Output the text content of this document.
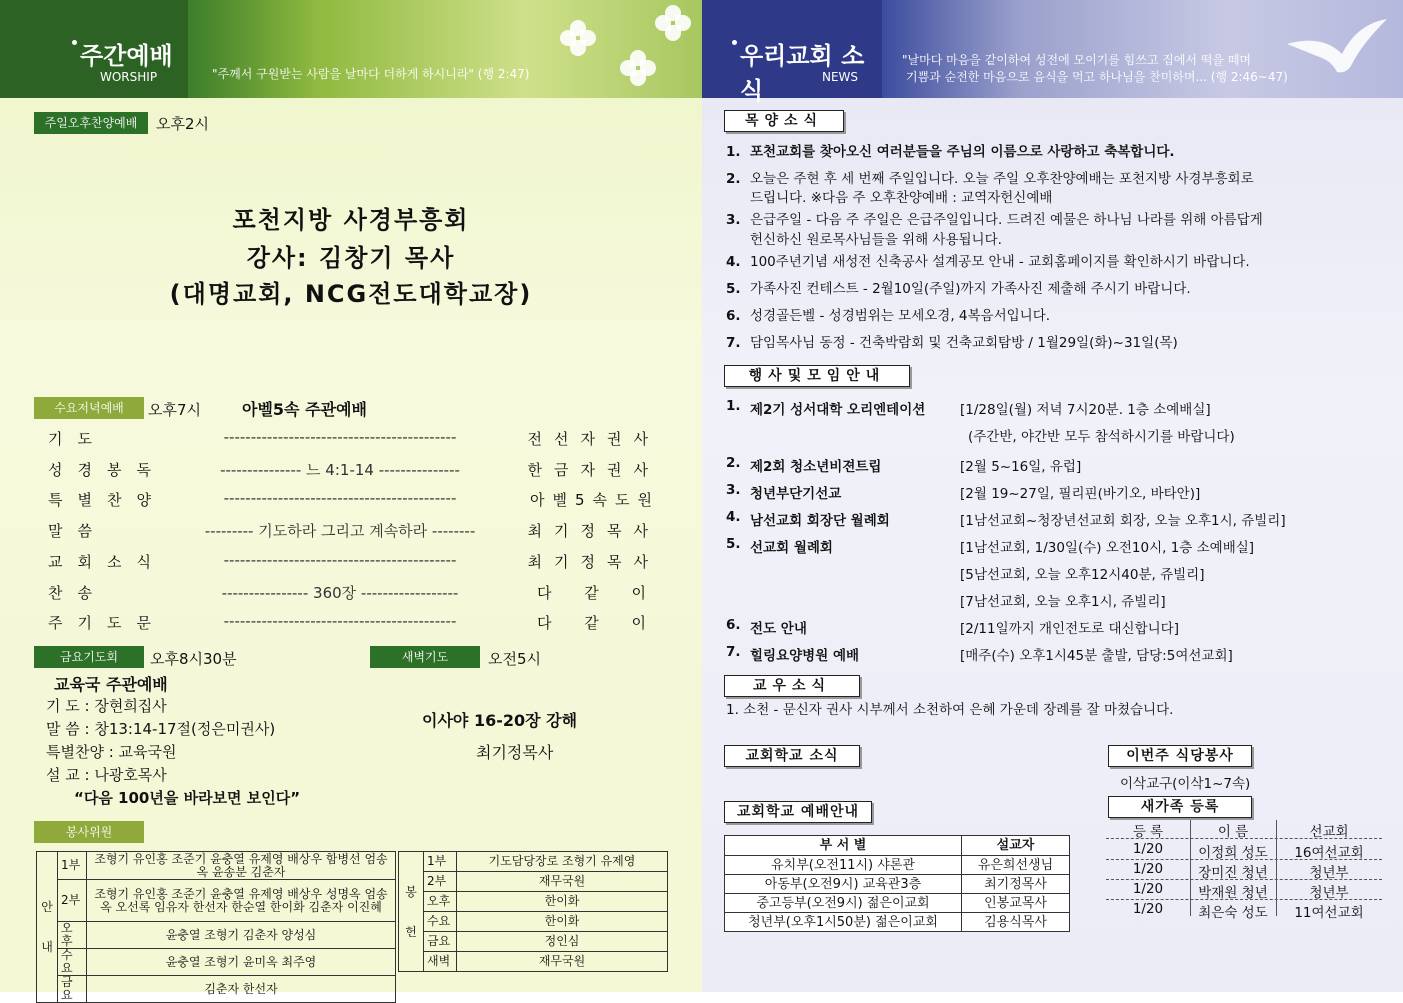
주간예배
WORSHIP	"주께서 구원받는 사람을 날마다 더하게 하시니라" (행 2:47)
주일오후찬양예배	오후2시
포천지방 사경부흥회
강사: 김창기 목사
(대명교회, NCG전도대학교장)
수요저녁예배	오후7시	아벨5속 주관예배
기도	-------------------------------------------	전선자권사
성경봉독	--------------- 느 4:1-14 ---------------	한금자권사
특별찬양	-------------------------------------------	아벨5속도원
말씀	--------- 기도하라 그리고 계속하라 --------	최기정목사
교회소식	-------------------------------------------	최기정목사
찬송	---------------- 360장 ------------------	다 같 이
주기도문	-------------------------------------------	다 같 이
금요기도회	오후8시30분
교육국 주관예배
기 도 : 장현희집사
말 씀 : 창13:14-17절(정은미권사)
특별찬양 : 교육국원
설 교 : 나광호목사
“다음 100년을 바라보면 보인다”
새벽기도	오전5시
이사야 16-20장 강해
최기정목사
봉사위원
안

내	1부	조형기 유인홍 조준기 윤충열 유제영 배상우 함병선 엄송옥 윤송분 김춘자
	2부	조형기 유인홍 조준기 윤충열 유제영 배상우 성명옥 엄송옥 오선록 임유자 한선자 한순열 한이화 김춘자 이진혜
	오후	윤충열 조형기 김춘자 양성심
	수요	윤충열 조형기 윤미옥 최주영
	금요	김춘자 한선자
봉

헌	1부	기도담당장로 조형기 유제영
	2부	재무국원
	오후	한이화
	수요	한이화
	금요	정인심
	새벽	재무국원
우리교회 소식	NEWS
"날마다 마음을 같이하여 성전에 모이기를 힘쓰고 집에서 떡을 떼며
기쁨과 순전한 마음으로 음식을 먹고 하나님을 찬미하며... (행 2:46~47)
목양소식
1. 포천교회를 찾아오신 여러분들을 주님의 이름으로 사랑하고 축복합니다.
2. 오늘은 주현 후 세 번째 주일입니다. 오늘 주일 오후찬양예배는 포천지방 사경부흥회로
드립니다. ※다음 주 오후찬양예배 : 교역자헌신예배
3. 은급주일 - 다음 주 주일은 은급주일입니다. 드려진 예물은 하나님 나라를 위해 아름답게
헌신하신 원로목사님들을 위해 사용됩니다.
4. 100주년기념 새성전 신축공사 설계공모 안내 - 교회홈페이지를 확인하시기 바랍니다.
5. 가족사진 컨테스트 - 2월10일(주일)까지 가족사진 제출해 주시기 바랍니다.
6. 성경골든벨 - 성경범위는 모세오경, 4복음서입니다.
7. 담임목사님 동정 - 건축박람회 및 건축교회탐방 / 1월29일(화)~31일(목)
행사및모임안내
1. 제2기 성서대학 오리엔테이션	[1/28일(월) 저녁 7시20분. 1층 소예배실]
(주간반, 야간반 모두 참석하시기를 바랍니다)
2. 제2회 청소년비젼트립	[2월 5~16일, 유럽]
3. 청년부단기선교	[2월 19~27일, 필리핀(바기오, 바타안)]
4. 남선교회 회장단 월례회	[1남선교회~청장년선교회 회장, 오늘 오후1시, 쥬빌리]
5. 선교회 월례회	[1남선교회, 1/30일(수) 오전10시, 1층 소예배실]
[5남선교회, 오늘 오후12시40분, 쥬빌리]
[7남선교회, 오늘 오후1시, 쥬빌리]
6. 전도 안내	[2/11일까지 개인전도로 대신합니다]
7. 힐링요양병원 예배	[매주(수) 오후1시45분 출발, 담당:5여선교회]
교우소식
1. 소천 - 문신자 권사 시부께서 소천하여 은혜 가운데 장례를 잘 마쳤습니다.
교회학교 소식
교회학교 예배안내
부 서 별	설교자
유치부(오전11시) 샤론관	유은희선생님
아동부(오전9시) 교육관3층	최기정목사
중고등부(오전9시) 젊은이교회	인봉교목사
청년부(오후1시50분) 젊은이교회	김용식목사
이번주 식당봉사
이삭교구(이삭1~7속)
새가족 등록
등 록	이 름	선교회
1/20	이정희 성도	16여선교회
1/20	장미진 청년	청년부
1/20	박재원 청년	청년부
1/20	최은숙 성도	11여선교회
